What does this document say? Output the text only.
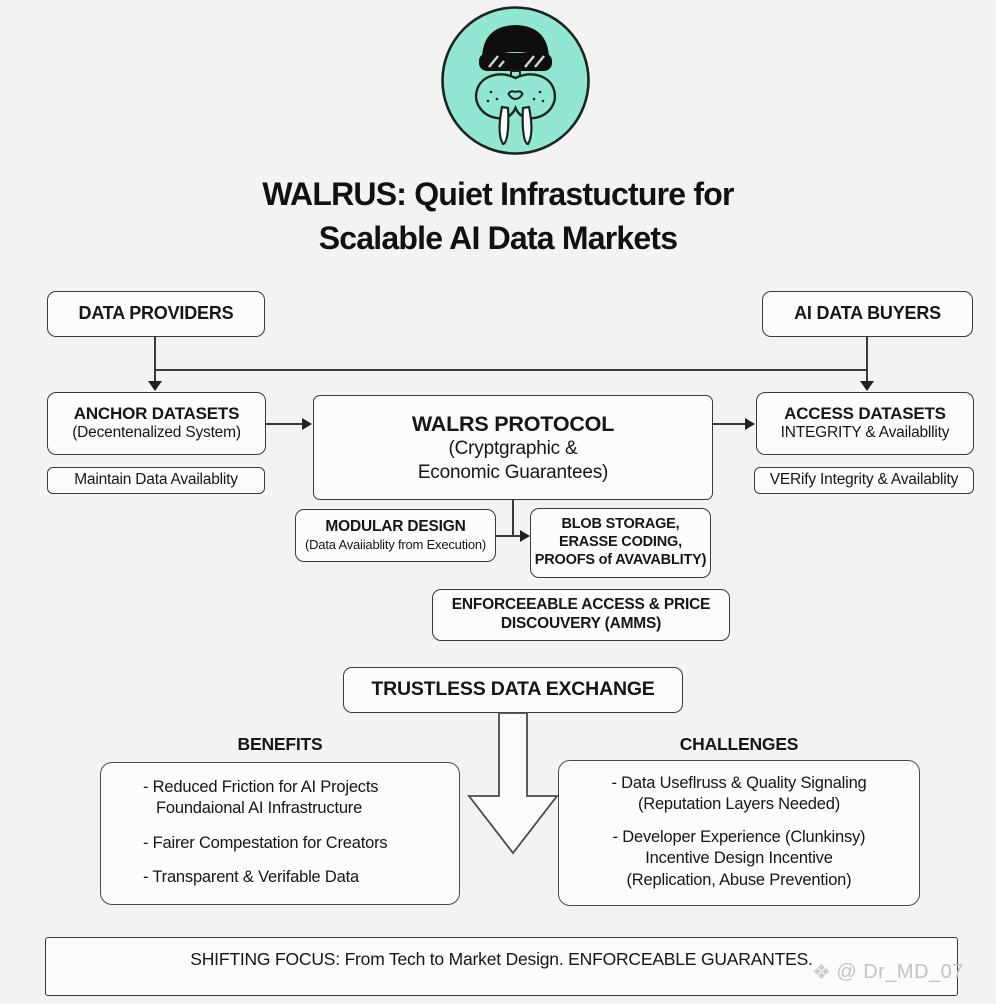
WALRUS: Quiet Infrastucture for
Scalable AI Data Markets
DATA PROVIDERS	AI DATA BUYERS
ANCHOR DATASETS
(Decentenalized System)	WALRS PROTOCOL
(Cryptgraphic &
Economic Guarantees)
ACCESS DATASETS
INTEGRITY & Availabllity
Maintain Data Availablity	VERify Integrity & Availablity
MODULAR DESIGN
(Data Avaiiablity from Execution)
BLOB STORAGE,
ERASSE CODING,
PROOFS of AVAVABLITY)
ENFORCEEABLE ACCESS & PRICE
DISCOUVERY (AMMS)
TRUSTLESS DATA EXCHANGE
BENEFITS
- Reduced Friction for AI Projects
Foundaional AI Infrastructure
- Fairer Compestation for Creators
- Transparent & Verifable Data
CHALLENGES
- Data Useflruss & Quality Signaling
(Reputation Layers Needed)
- Developer Experience (Clunkinsy)
Incentive Design Incentive
(Replication, Abuse Prevention)
SHIFTING FOCUS: From Tech to Market Design. ENFORCEABLE GUARANTES.
❖ @ Dr_MD_07
